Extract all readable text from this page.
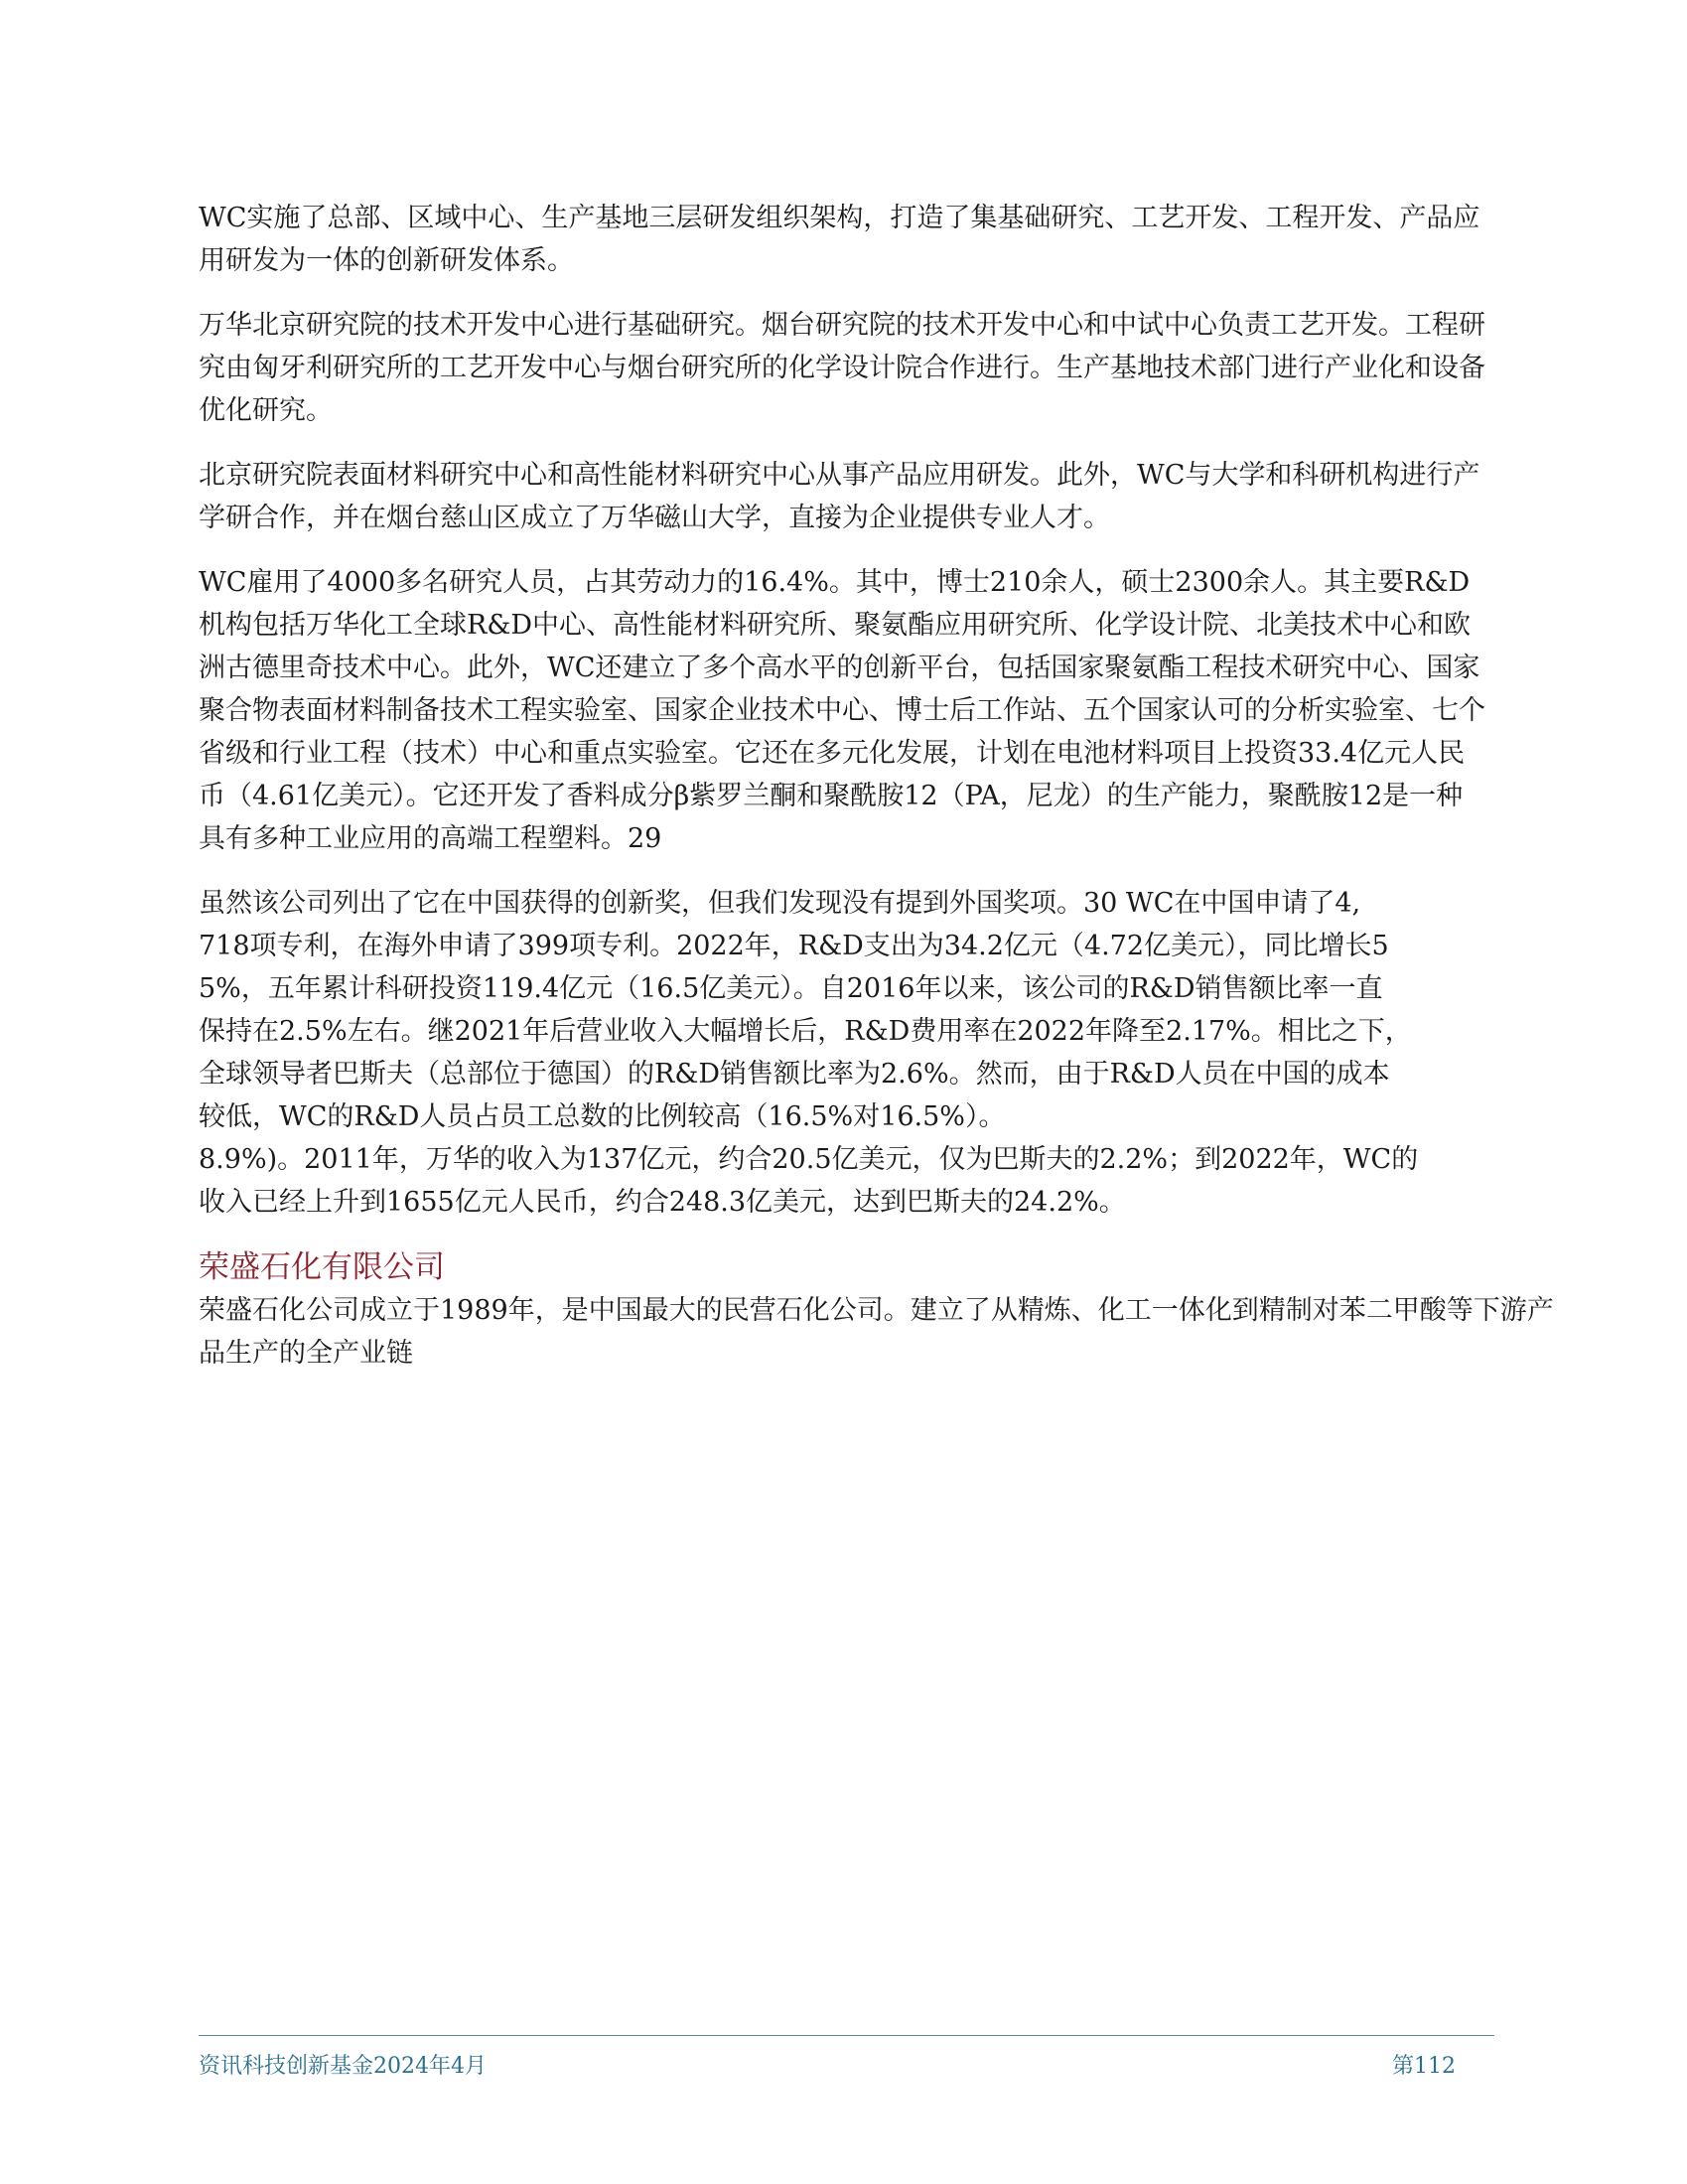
WC实施了总部、区域中心、生产基地三层研发组织架构，打造了集基础研究、工艺开发、工程开发、产品应用研发为一体的创新研发体系。

万华北京研究院的技术开发中心进行基础研究。烟台研究院的技术开发中心和中试中心负责工艺开发。工程研究由匈牙利研究所的工艺开发中心与烟台研究所的化学设计院合作进行。生产基地技术部门进行产业化和设备优化研究。

北京研究院表面材料研究中心和高性能材料研究中心从事产品应用研发。此外，WC与大学和科研机构进行产学研合作，并在烟台慈山区成立了万华磁山大学，直接为企业提供专业人才。

WC雇用了4000多名研究人员，占其劳动力的16.4%。其中，博士210余人，硕士2300余人。其主要R&D机构包括万华化工全球R&D中心、高性能材料研究所、聚氨酯应用研究所、化学设计院、北美技术中心和欧洲古德里奇技术中心。此外，WC还建立了多个高水平的创新平台，包括国家聚氨酯工程技术研究中心、国家聚合物表面材料制备技术工程实验室、国家企业技术中心、博士后工作站、五个国家认可的分析实验室、七个省级和行业工程（技术）中心和重点实验室。它还在多元化发展，计划在电池材料项目上投资33.4亿元人民币（4.61亿美元）。它还开发了香料成分β紫罗兰酮和聚酰胺12（PA，尼龙）的生产能力，聚酰胺12是一种具有多种工业应用的高端工程塑料。29

虽然该公司列出了它在中国获得的创新奖，但我们发现没有提到外国奖项。30 WC在中国申请了4,
718项专利，在海外申请了399项专利。2022年，R&D支出为34.2亿元（4.72亿美元），同比增长5
5%，五年累计科研投资119.4亿元（16.5亿美元）。自2016年以来，该公司的R&D销售额比率一直
保持在2.5%左右。继2021年后营业收入大幅增长后，R&D费用率在2022年降至2.17%。相比之下，
全球领导者巴斯夫（总部位于德国）的R&D销售额比率为2.6%。然而，由于R&D人员在中国的成本
较低，WC的R&D人员占员工总数的比例较高（16.5%对16.5%）。
8.9%)。2011年，万华的收入为137亿元，约合20.5亿美元，仅为巴斯夫的2.2%；到2022年，WC的
收入已经上升到1655亿元人民币，约合248.3亿美元，达到巴斯夫的24.2%。
荣盛石化有限公司

荣盛石化公司成立于1989年，是中国最大的民营石化公司。建立了从精炼、化工一体化到精制对苯二甲酸等下游产品生产的全产业链

资讯科技创新基金2024年4月	第112
